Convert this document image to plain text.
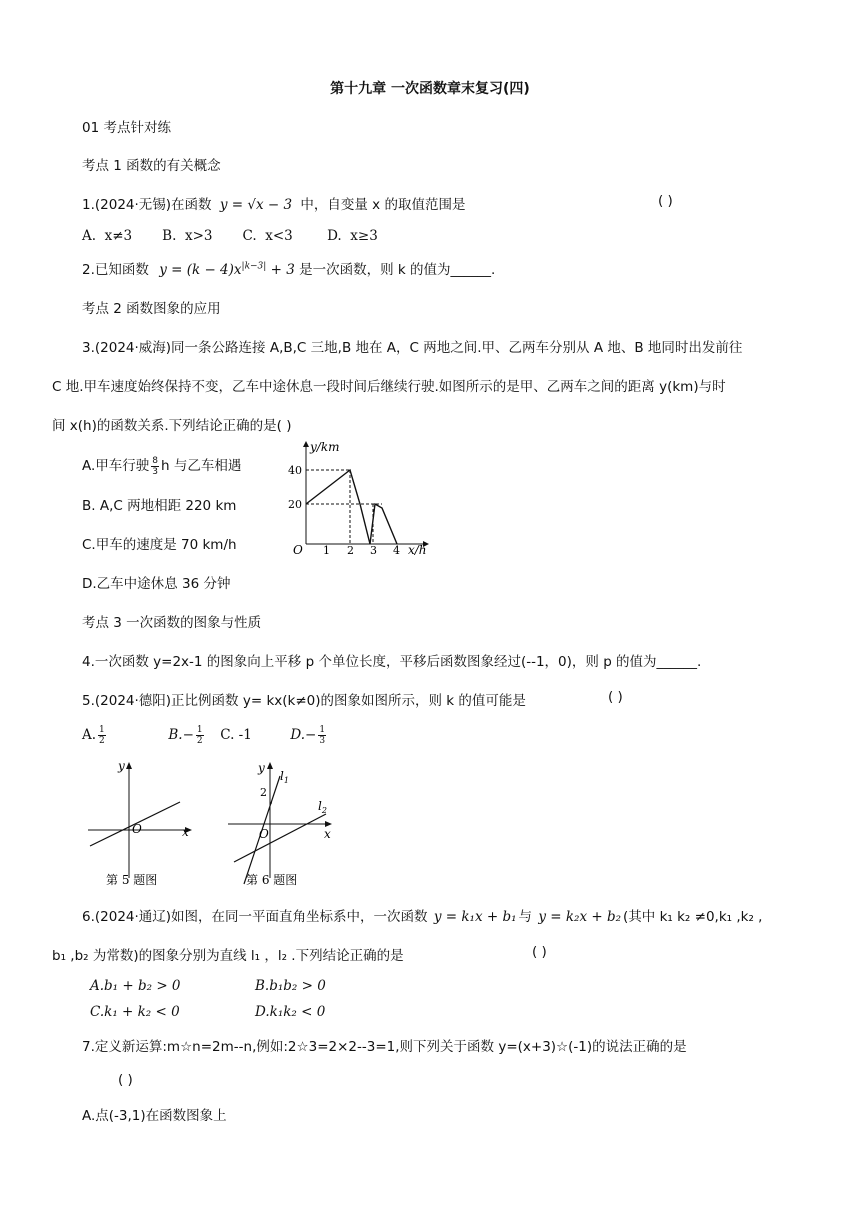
第十九章 一次函数章末复习(四)
01 考点针对练
考点 1 函数的有关概念
1.(2024·无锡)在函数 y = √x − 3 中，自变量 x 的取值范围是	( )
A.  x≠3       B.  x>3       C.  x<3        D.  x≥3
2.已知函数 $y = (k - 4)x^{|k-3|} + 3$ 是一次函数，则 k 的值为______.
考点 2 函数图象的应用
3.(2024·威海)同一条公路连接 A,B,C 三地,B 地在 A，C 两地之间.甲、乙两车分别从 A 地、B 地同时出发前往
C 地.甲车速度始终保持不变，乙车中途休息一段时间后继续行驶.如图所示的是甲、乙两车之间的距离 y(km)与时
间 x(h)的函数关系.下列结论正确的是( )
A.甲车行驶 $\frac{8}{3}$ h 与乙车相遇
B. A,C 两地相距 220 km
C.甲车的速度是 70 km/h
D.乙车中途休息 36 分钟
y/km
x/h
O 1 2 3 4
20
40
考点 3 一次函数的图象与性质
4.一次函数 y=2x-1 的图象向上平移 p 个单位长度，平移后函数图象经过(--1，0)，则 p 的值为______.
5.(2024·德阳)正比例函数 y= kx(k≠0)的图象如图所示，则 k 的值可能是	( )
A. $\frac{1}{2}$	$B.- \frac{1}{2} C$. -1	$D.- \frac{1}{3}$
y
x
O
第 5 题图
y
x
O
2
$l_1$
$l_2$
第 6 题图
6.(2024·通辽)如图，在同一平面直角坐标系中，一次函数 y = k₁x + b₁ 与 y = k₂x + b₂ (其中 k₁ k₂ ≠0,k₁ ,k₂ ,
b₁ ,b₂ 为常数)的图象分别为直线 l₁ ，l₂ .下列结论正确的是	( )
A.b₁ + b₂ > 0	B.b₁b₂ > 0
C.k₁ + k₂ < 0	D.k₁k₂ < 0
7.定义新运算:m☆n=2m--n,例如:2☆3=2×2--3=1,则下列关于函数 y=(x+3)☆(-1)的说法正确的是
( )
A.点(-3,1)在函数图象上
